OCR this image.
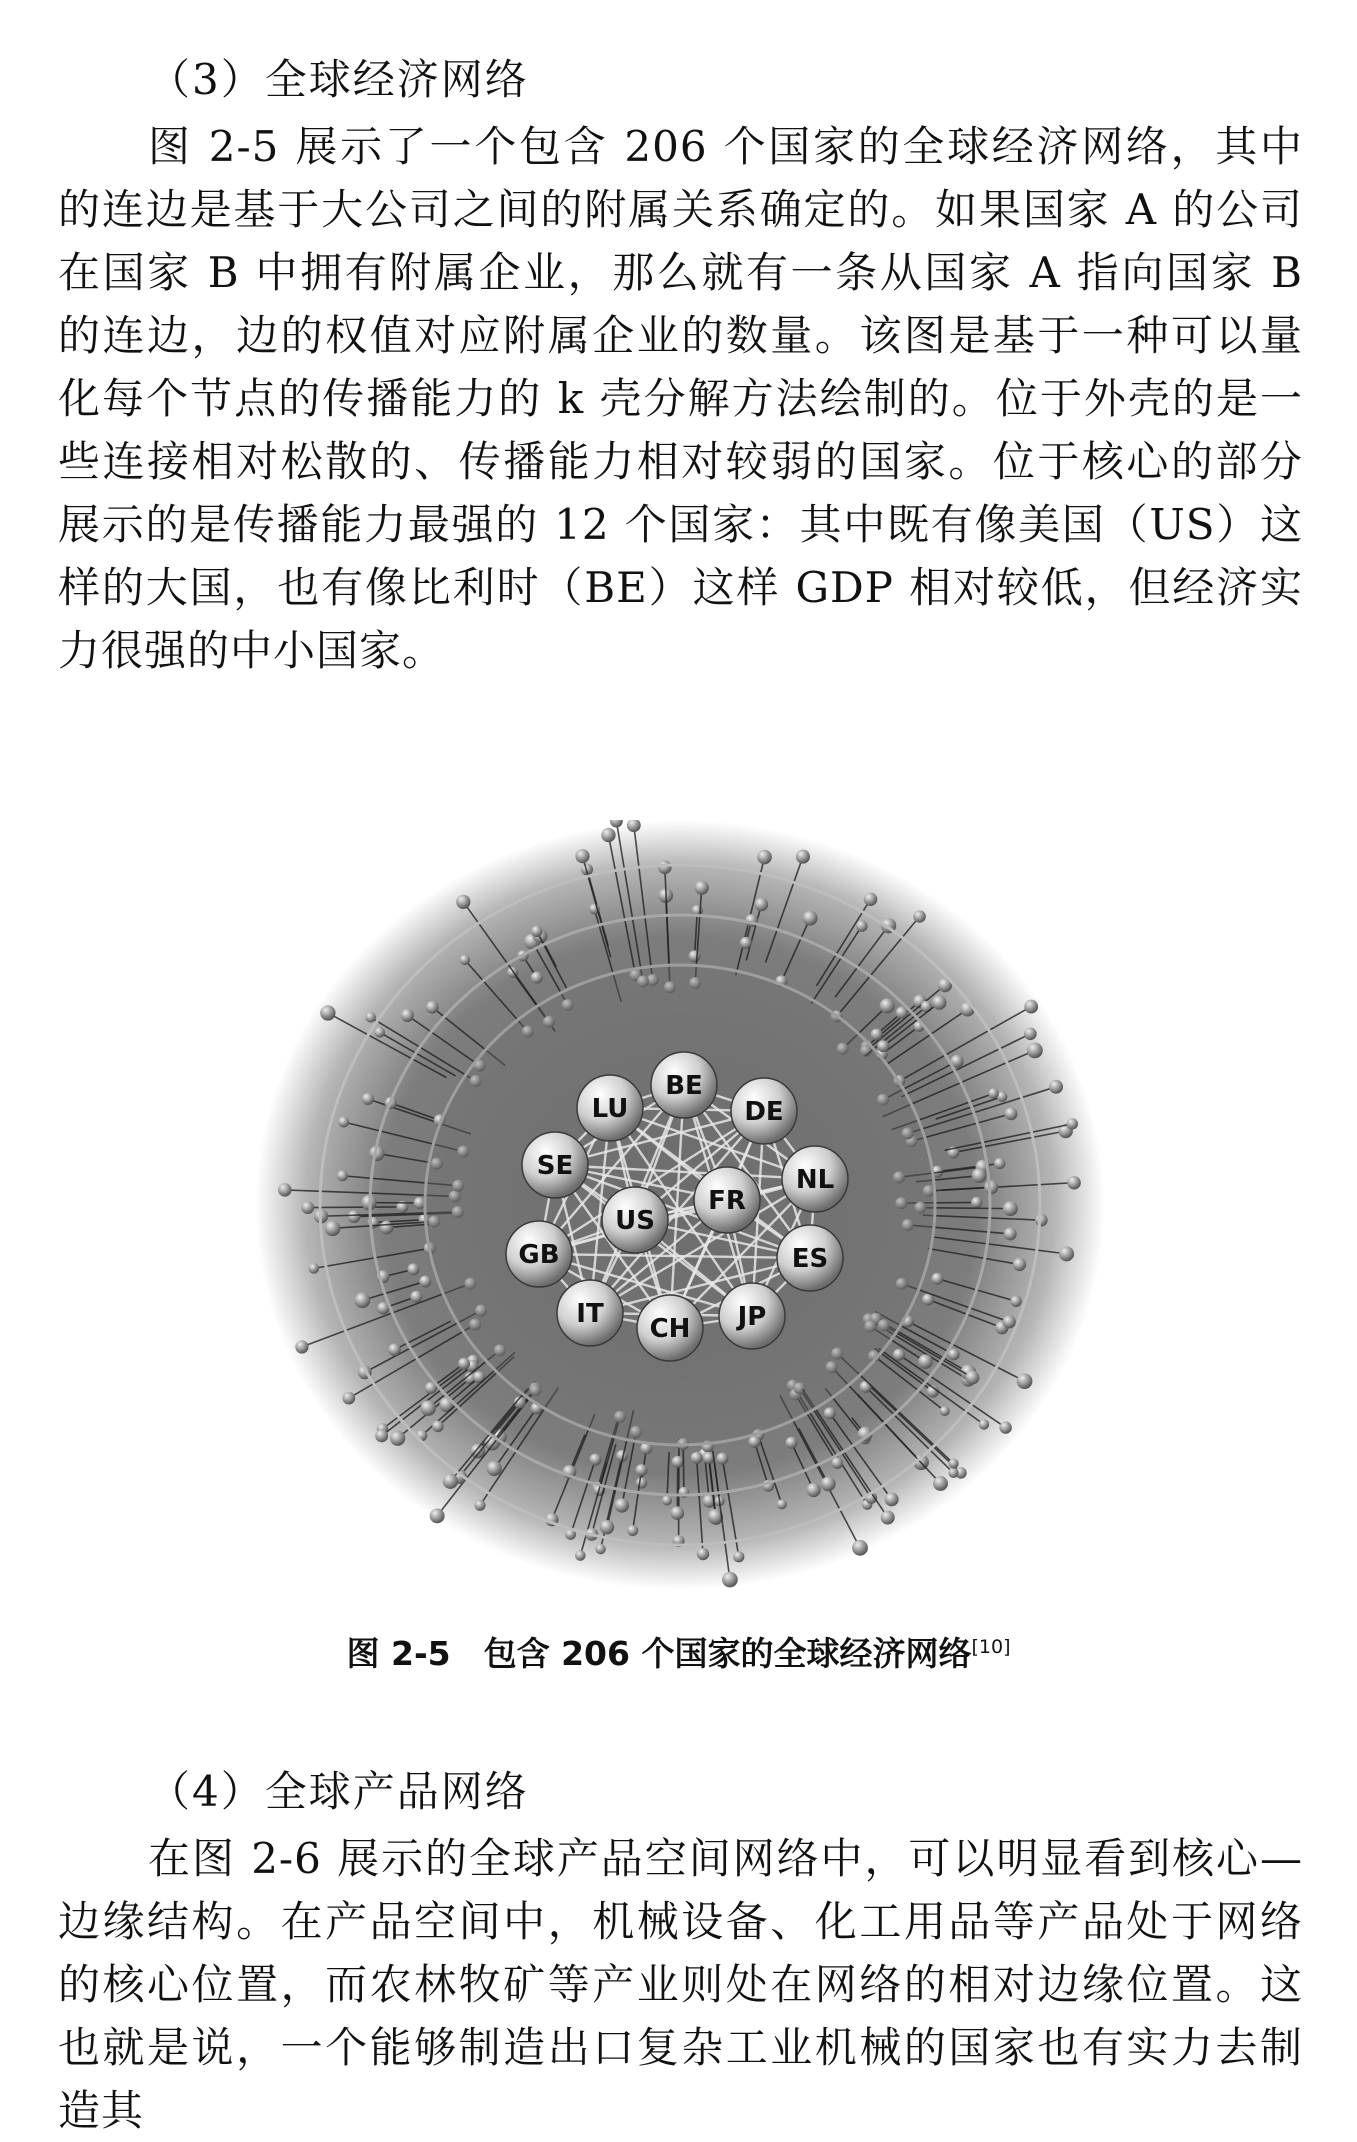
（3）全球经济网络

图 2-5 展示了一个包含 206 个国家的全球经济网络，其中的连边是基于大公司之间的附属关系确定的。如果国家 A 的公司在国家 B 中拥有附属企业，那么就有一条从国家 A 指向国家 B 的连边，边的权值对应附属企业的数量。该图是基于一种可以量化每个节点的传播能力的 k 壳分解方法绘制的。位于外壳的是一些连接相对松散的、传播能力相对较弱的国家。位于核心的部分展示的是传播能力最强的 12 个国家：其中既有像美国（US）这样的大国，也有像比利时（BE）这样 GDP 相对较低，但经济实力很强的中小国家。

LU
BE
DE
SE	NL
FR
US
GB	ES
IT CH JP
图 2-5　包含 206 个国家的全球经济网络[10]
（4）全球产品网络

在图 2-6 展示的全球产品空间网络中，可以明显看到核心—边缘结构。在产品空间中，机械设备、化工用品等产品处于网络的核心位置，而农林牧矿等产业则处在网络的相对边缘位置。这也就是说，一个能够制造出口复杂工业机械的国家也有实力去制造其
